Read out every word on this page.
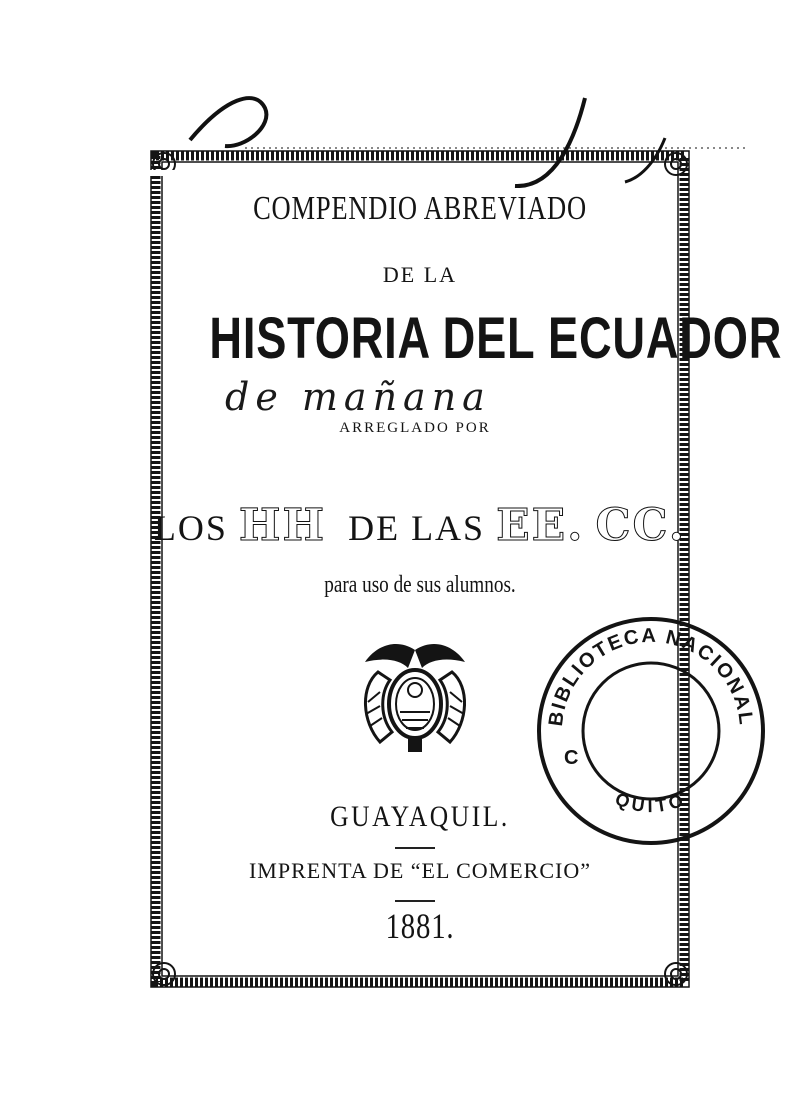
COMPENDIO ABREVIADO
DE LA
HISTORIA DEL ECUADOR
de mañana
ARREGLADO POR
LOS HH DE LAS EE. CC.
para uso de sus alumnos.
GUAYAQUIL.
IMPRENTA DE “EL COMERCIO”
1881.
BIBLIOTECA NACIONAL
QUITO
C
